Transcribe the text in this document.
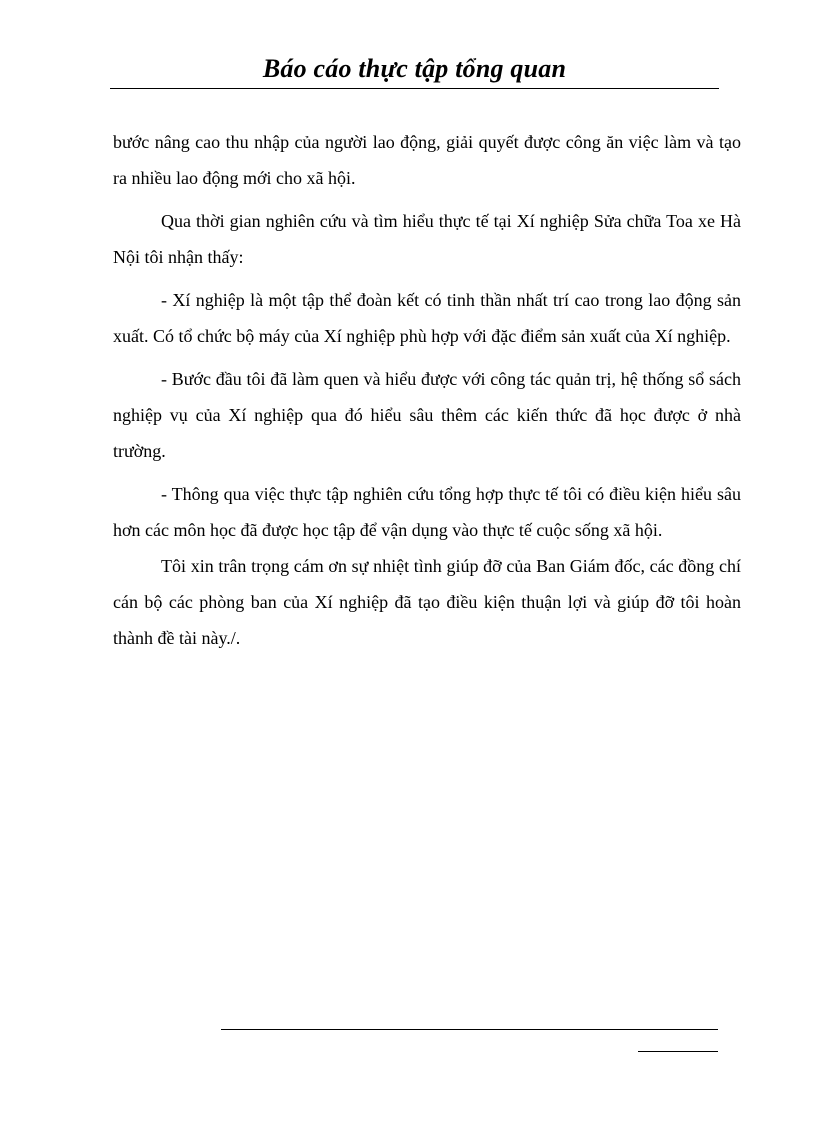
Báo cáo thực tập tổng quan

bước nâng cao thu nhập của người lao động, giải quyết được công ăn việc làm và tạo ra nhiều lao động mới cho xã hội.

Qua thời gian nghiên cứu và tìm hiểu thực tế tại Xí nghiệp Sửa chữa Toa xe Hà Nội tôi nhận thấy:

- Xí nghiệp là một tập thể đoàn kết có tinh thần nhất trí cao trong lao động sản xuất. Có tổ chức bộ máy của Xí nghiệp phù hợp với đặc điểm sản xuất của Xí nghiệp.

- Bước đầu tôi đã làm quen và hiểu được với công tác quản trị, hệ thống sổ sách nghiệp vụ của Xí nghiệp qua đó hiểu sâu thêm các kiến thức đã học được ở nhà trường.

- Thông qua việc thực tập nghiên cứu tổng hợp thực tế tôi có điều kiện hiểu sâu hơn các môn học đã được học tập để vận dụng vào thực tế cuộc sống xã hội.

Tôi xin trân trọng cám ơn sự nhiệt tình giúp đỡ của Ban Giám đốc, các đồng chí cán bộ các phòng ban của Xí nghiệp đã tạo điều kiện thuận lợi và giúp đỡ tôi hoàn thành đề tài này./.
